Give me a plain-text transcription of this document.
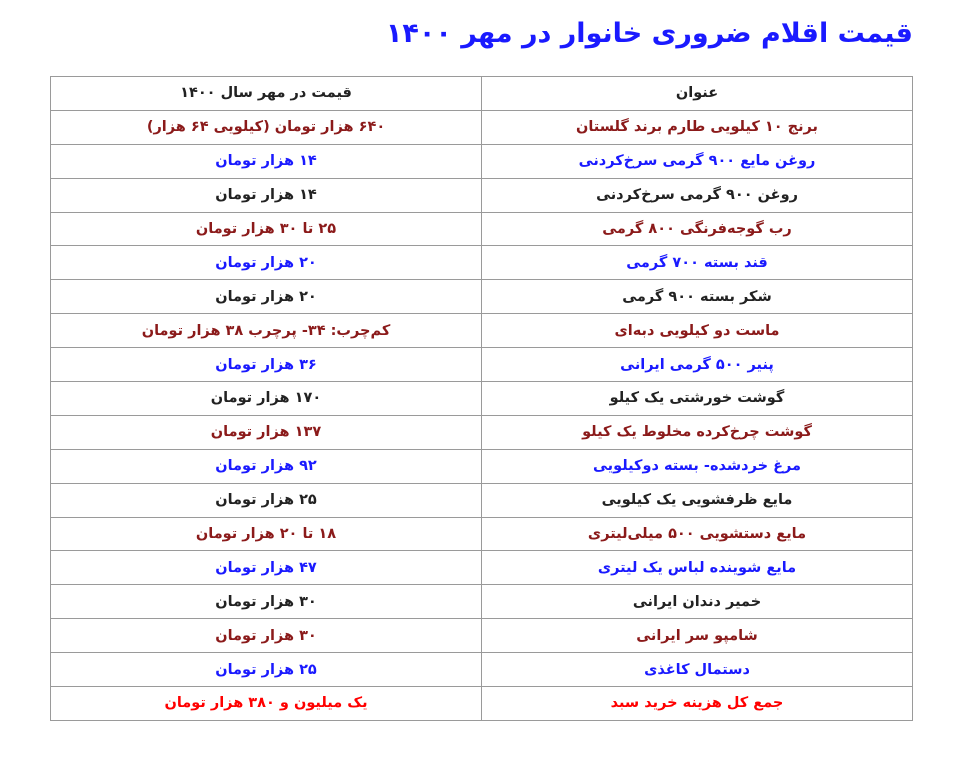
قیمت اقلام ضروری خانوار در مهر ۱۴۰۰
عنوان	قیمت در مهر سال ۱۴۰۰
برنج ۱۰ کیلویی طارم برند گلستان	۶۴۰ هزار تومان (کیلویی ۶۴ هزار)
روغن مایع ۹۰۰ گرمی سرخ‌کردنی	۱۴ هزار تومان
روغن ۹۰۰ گرمی سرخ‌کردنی	۱۴ هزار تومان
رب گوجه‌فرنگی ۸۰۰ گرمی	۲۵ تا ۳۰ هزار تومان
قند بسته ۷۰۰ گرمی	۲۰ هزار تومان
شکر بسته ۹۰۰ گرمی	۲۰ هزار تومان
ماست دو کیلویی دبه‌ای	کم‌چرب: ۳۴- پرچرب ۳۸ هزار تومان
پنیر ۵۰۰ گرمی ایرانی	۳۶ هزار تومان
گوشت خورشتی یک کیلو	۱۷۰ هزار تومان
گوشت چرخ‌کرده مخلوط یک کیلو	۱۳۷ هزار تومان
مرغ خردشده- بسته دوکیلویی	۹۲ هزار تومان
مایع ظرفشویی یک کیلویی	۲۵ هزار تومان
مایع دستشویی ۵۰۰ میلی‌لیتری	۱۸ تا ۲۰ هزار تومان
مایع شوینده لباس یک لیتری	۴۷ هزار تومان
خمیر دندان ایرانی	۳۰ هزار تومان
شامپو سر ایرانی	۳۰ هزار تومان
دستمال کاغذی	۲۵ هزار تومان
جمع کل هزینه خرید سبد	یک میلیون و ۳۸۰ هزار تومان
